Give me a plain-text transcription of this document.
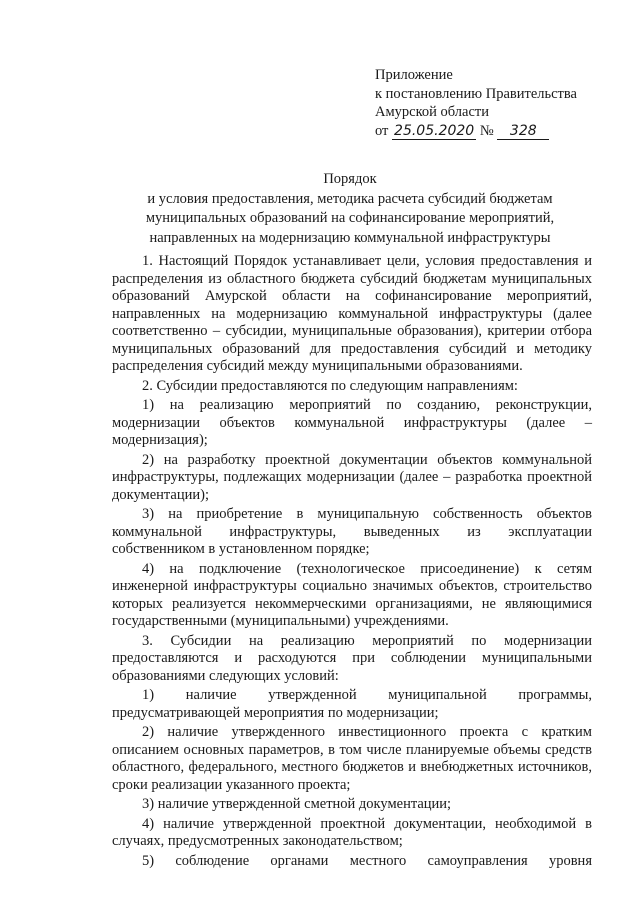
Приложение
к постановлению Правительства
Амурской области
от 25.05.2020 № 328
Порядок
и условия предоставления, методика расчета субсидий бюджетам
муниципальных образований на софинансирование мероприятий,
направленных на модернизацию коммунальной инфраструктуры

1. Настоящий Порядок устанавливает цели, условия предоставления и распределения из областного бюджета субсидий бюджетам муниципальных образований Амурской области на софинансирование мероприятий, направленных на модернизацию коммунальной инфраструктуры (далее соответственно – субсидии, муниципальные образования), критерии отбора муниципальных образований для предоставления субсидий и методику распределения субсидий между муниципальными образованиями.

2. Субсидии предоставляются по следующим направлениям:

1) на реализацию мероприятий по созданию, реконструкции, модернизации объектов коммунальной инфраструктуры (далее – модернизация);

2) на разработку проектной документации объектов коммунальной инфраструктуры, подлежащих модернизации (далее – разработка проектной документации);

3) на приобретение в муниципальную собственность объектов коммунальной инфраструктуры, выведенных из эксплуатации собственником в установленном порядке;

4) на подключение (технологическое присоединение) к сетям инженерной инфраструктуры социально значимых объектов, строительство которых реализуется некоммерческими организациями, не являющимися государственными (муниципальными) учреждениями.

3. Субсидии на реализацию мероприятий по модернизации предоставляются и расходуются при соблюдении муниципальными образованиями следующих условий:

1) наличие утвержденной муниципальной программы, предусматривающей мероприятия по модернизации;

2) наличие утвержденного инвестиционного проекта с кратким описанием основных параметров, в том числе планируемые объемы средств областного, федерального, местного бюджетов и внебюджетных источников, сроки реализации указанного проекта;

3) наличие утвержденной сметной документации;

4) наличие утвержденной проектной документации, необходимой в случаях, предусмотренных законодательством;

5) соблюдение органами местного самоуправления уровня
